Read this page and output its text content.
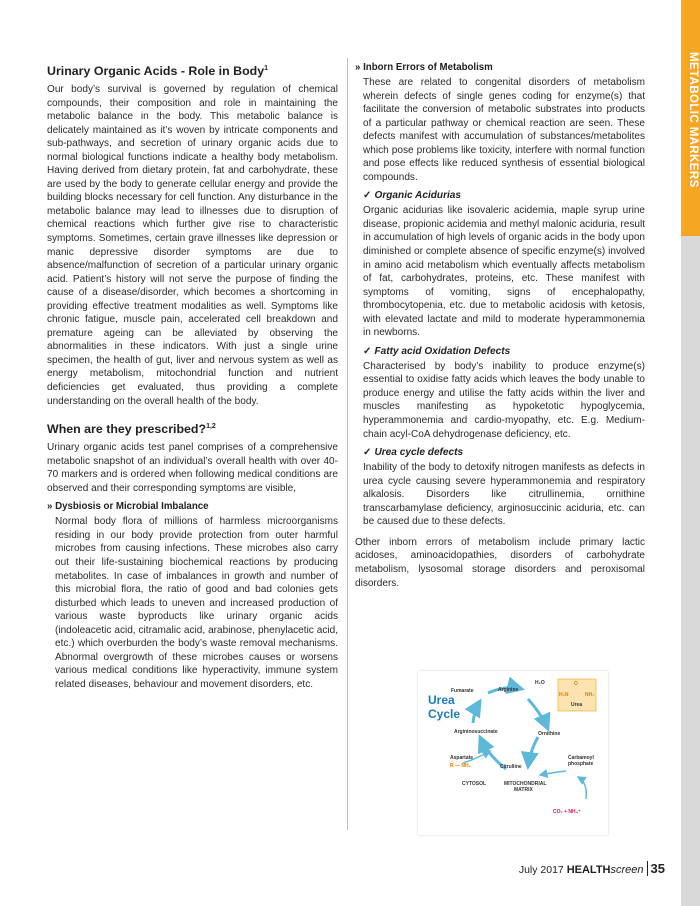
METABOLIC MARKERS
Urinary Organic Acids - Role in Body$^1$

Our body’s survival is governed by regulation of chemical compounds, their composition and role in maintaining the metabolic balance in the body. This metabolic balance is delicately maintained as it’s woven by intricate components and sub-pathways, and secretion of urinary organic acids due to normal biological functions indicate a healthy body metabolism. Having derived from dietary protein, fat and carbohydrate, these are used by the body to generate cellular energy and provide the building blocks necessary for cell function. Any disturbance in the metabolic balance may lead to illnesses due to disruption of chemical reactions which further give rise to characteristic symptoms. Sometimes, certain grave illnesses like depression or manic depressive disorder symptoms are due to absence/malfunction of secretion of a particular urinary organic acid. Patient’s history will not serve the purpose of finding the cause of a disease/disorder, which becomes a shortcoming in providing effective treatment modalities as well. Symptoms like chronic fatigue, muscle pain, accelerated cell breakdown and premature ageing can be alleviated by observing the abnormalities in these indicators. With just a single urine specimen, the health of gut, liver and nervous system as well as energy metabolism, mitochondrial function and nutrient deficiencies get evaluated, thus providing a complete understanding on the overall health of the body.

When are they prescribed?$^{1,2}$

Urinary organic acids test panel comprises of a comprehensive metabolic snapshot of an individual’s overall health with over 40-70 markers and is ordered when following medical conditions are observed and their corresponding symptoms are visible,

» Dysbiosis or Microbial Imbalance

Normal body flora of millions of harmless microorganisms residing in our body provide protection from outer harmful microbes from causing infections. These microbes also carry out their life-sustaining biochemical reactions by producing metabolites. In case of imbalances in growth and number of this microbial flora, the ratio of good and bad colonies gets disturbed which leads to uneven and increased production of various waste byproducts like urinary organic acids (indoleacetic acid, citramalic acid, arabinose, phenylacetic acid, etc.) which overburden the body’s waste removal mechanisms. Abnormal overgrowth of these microbes causes or worsens various medical conditions like hyperactivity, immune system related diseases, behaviour and movement disorders, etc.

» Inborn Errors of Metabolism

These are related to congenital disorders of metabolism wherein defects of single genes coding for enzyme(s) that facilitate the conversion of metabolic substrates into products of a particular pathway or chemical reaction are seen. These defects manifest with accumulation of substances/metabolites which pose problems like toxicity, interfere with normal function and pose effects like reduced synthesis of essential biological compounds.

✓ Organic Acidurias

Organic acidurias like isovaleric acidemia, maple syrup urine disease, propionic acidemia and methyl malonic aciduria, result in accumulation of high levels of organic acids in the body upon diminished or complete absence of specific enzyme(s) involved in amino acid metabolism which eventually affects metabolism of fat, carbohydrates, proteins, etc. These manifest with symptoms of vomiting, signs of encephalopathy, thrombocytopenia, etc. due to metabolic acidosis with ketosis, with elevated lactate and mild to moderate hyperammonemia in newborns.

✓ Fatty acid Oxidation Defects

Characterised by body’s inability to produce enzyme(s) essential to oxidise fatty acids which leaves the body unable to produce energy and utilise the fatty acids within the liver and muscles manifesting as hypoketotic hypoglycemia, hyperammonemia and cardio-myopathy, etc. E.g. Medium-chain acyl-CoA dehydrogenase deficiency, etc.

✓ Urea cycle defects

Inability of the body to detoxify nitrogen manifests as defects in urea cycle causing severe hyperammonemia and respiratory alkalosis. Disorders like citrullinemia, ornithine transcarbamylase deficiency, arginosuccinic aciduria, etc. can be caused due to these defects.

Other inborn errors of metabolism include primary lactic acidoses, aminoacidopathies, disorders of carbohydrate metabolism, lysosomal storage disorders and peroxisomal disorders.

Urea
Cycle
Fumarate	Arginine
H₂O	O
H₂N	NH₂
Urea
Argininosuccinate	Ornithine
Aspartate
R — NH₂	Citrulline
Carbamoyl
phosphate
CYTOSOL	MITOCHONDRIAL
MATRIX
CO₂ + NH₄⁺
July 2017 HEALTHscreen 35
